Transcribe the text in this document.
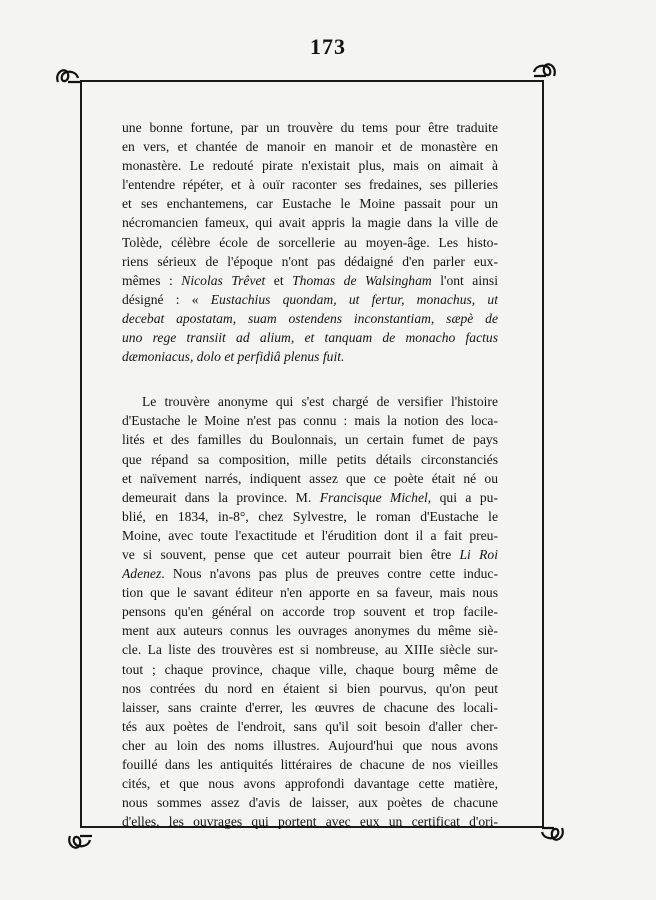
173

une bonne fortune, par un trouvère du tems pour être traduite
en vers, et chantée de manoir en manoir et de monastère en
monastère. Le redouté pirate n'existait plus, mais on aimait à
l'entendre répéter, et à ouïr raconter ses fredaines, ses pilleries
et ses enchantemens, car Eustache le Moine passait pour un
nécromancien fameux, qui avait appris la magie dans la ville de
Tolède, célèbre école de sorcellerie au moyen-âge. Les histo-
riens sérieux de l'époque n'ont pas dédaigné d'en parler eux-
mêmes : Nicolas Trêvet et Thomas de Walsingham l'ont ainsi
désigné : « Eustachius quondam, ut fertur, monachus, ut
decebat apostatam, suam ostendens inconstantiam, sæpè de
uno rege transiit ad alium, et tanquam de monacho factus
dæmoniacus, dolo et perfidiâ plenus fuit.

Le trouvère anonyme qui s'est chargé de versifier l'histoire
d'Eustache le Moine n'est pas connu : mais la notion des loca-
lités et des familles du Boulonnais, un certain fumet de pays
que répand sa composition, mille petits détails circonstanciés
et naïvement narrés, indiquent assez que ce poète était né ou
demeurait dans la province. M. Francisque Michel, qui a pu-
blié, en 1834, in-8°, chez Sylvestre, le roman d'Eustache le
Moine, avec toute l'exactitude et l'érudition dont il a fait preu-
ve si souvent, pense que cet auteur pourrait bien être Li Roi
Adenez. Nous n'avons pas plus de preuves contre cette induc-
tion que le savant éditeur n'en apporte en sa faveur, mais nous
pensons qu'en général on accorde trop souvent et trop facile-
ment aux auteurs connus les ouvrages anonymes du même siè-
cle. La liste des trouvères est si nombreuse, au XIIIe siècle sur-
tout ; chaque province, chaque ville, chaque bourg même de
nos contrées du nord en étaient si bien pourvus, qu'on peut
laisser, sans crainte d'errer, les œuvres de chacune des locali-
tés aux poètes de l'endroit, sans qu'il soit besoin d'aller cher-
cher au loin des noms illustres. Aujourd'hui que nous avons
fouillé dans les antiquités littéraires de chacune de nos vieilles
cités, et que nous avons approfondi davantage cette matière,
nous sommes assez d'avis de laisser, aux poètes de chacune
d'elles, les ouvrages qui portent avec eux un certificat d'ori-
